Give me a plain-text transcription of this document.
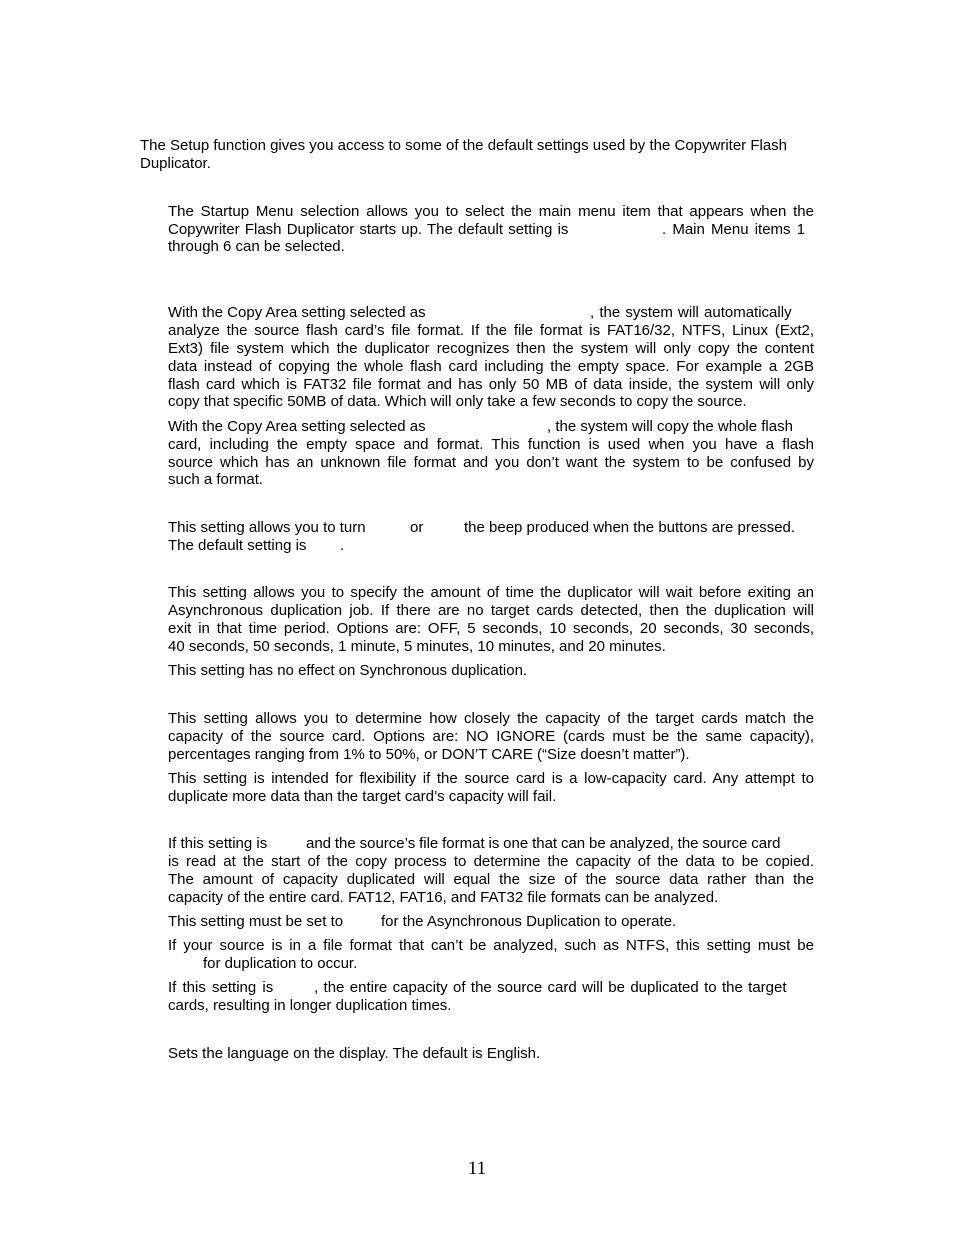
The Setup function gives you access to some of the default settings used by the Copywriter Flash
Duplicator.
The Startup Menu selection allows you to select the main menu item that appears when the
Copywriter Flash Duplicator starts up. The default setting is	. Main Menu items 1
through 6 can be selected.
With the Copy Area setting selected as	, the system will automatically
analyze the source flash card’s file format. If the file format is FAT16/32, NTFS, Linux (Ext2,
Ext3) file system which the duplicator recognizes then the system will only copy the content
data instead of copying the whole flash card including the empty space. For example a 2GB
flash card which is FAT32 file format and has only 50 MB of data inside, the system will only
copy that specific 50MB of data. Which will only take a few seconds to copy the source.
With the Copy Area setting selected as	, the system will copy the whole flash
card, including the empty space and format. This function is used when you have a flash
source which has an unknown file format and you don’t want the system to be confused by
such a format.
This setting allows you to turn	or	the beep produced when the buttons are pressed.
The default setting is .
This setting allows you to specify the amount of time the duplicator will wait before exiting an
Asynchronous duplication job. If there are no target cards detected, then the duplication will
exit in that time period. Options are: OFF, 5 seconds, 10 seconds, 20 seconds, 30 seconds,
40 seconds, 50 seconds, 1 minute, 5 minutes, 10 minutes, and 20 minutes.
This setting has no effect on Synchronous duplication.
This setting allows you to determine how closely the capacity of the target cards match the
capacity of the source card. Options are: NO IGNORE (cards must be the same capacity),
percentages ranging from 1% to 50%, or DON’T CARE (“Size doesn’t matter”).
This setting is intended for flexibility if the source card is a low-capacity card. Any attempt to
duplicate more data than the target card’s capacity will fail.
If this setting is	and the source’s file format is one that can be analyzed, the source card
is read at the start of the copy process to determine the capacity of the data to be copied.
The amount of capacity duplicated will equal the size of the source data rather than the
capacity of the entire card. FAT12, FAT16, and FAT32 file formats can be analyzed.
This setting must be set to	for the Asynchronous Duplication to operate.
If your source is in a file format that can’t be analyzed, such as NTFS, this setting must be
for duplication to occur.
If this setting is	, the entire capacity of the source card will be duplicated to the target
cards, resulting in longer duplication times.
Sets the language on the display. The default is English.
11
